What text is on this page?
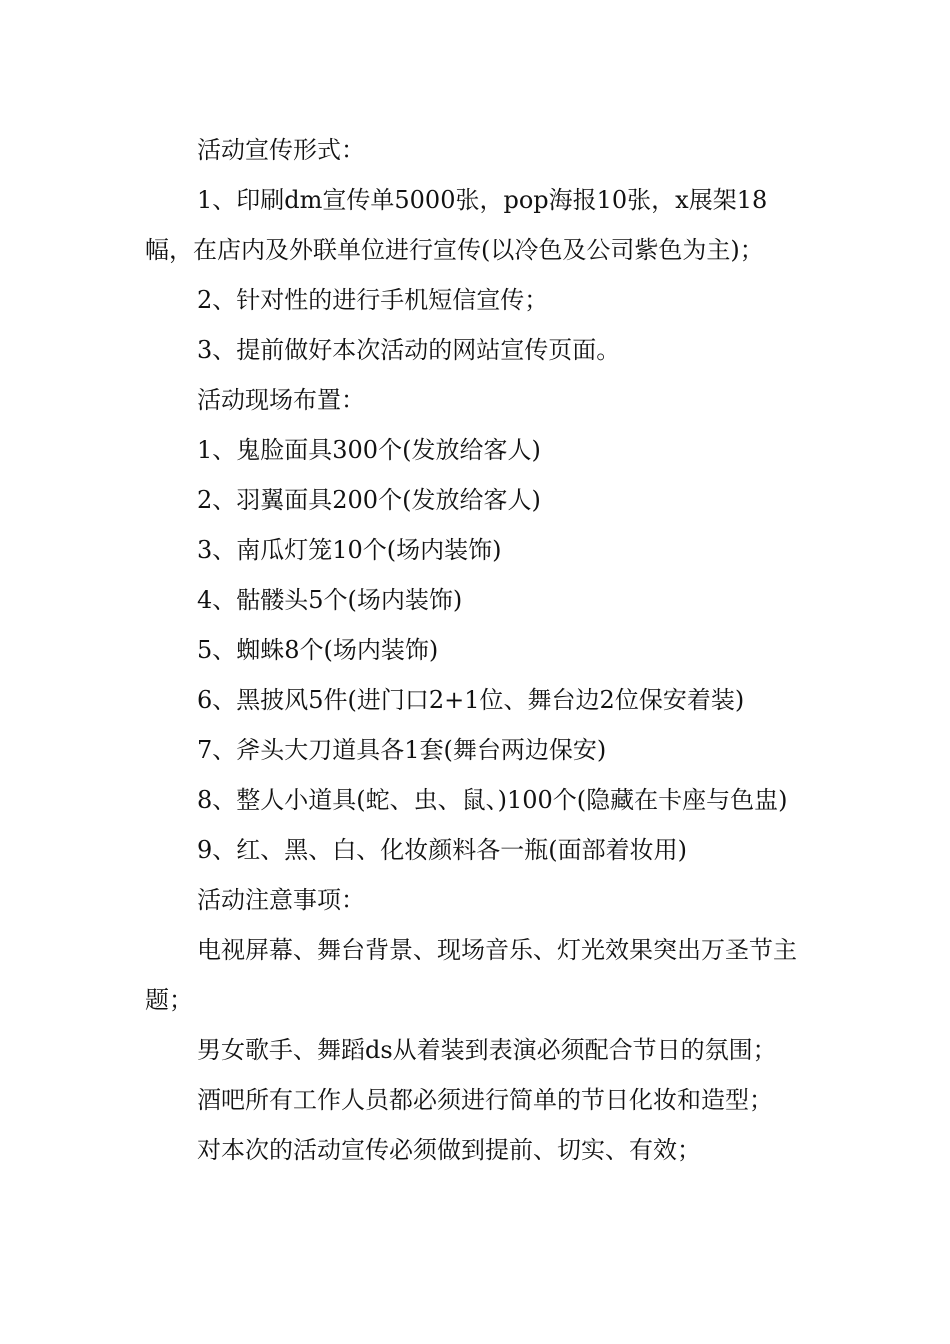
活动宣传形式：

1、印刷dm宣传单5000张，pop海报10张，x展架18幅，在店内及外联单位进行宣传(以冷色及公司紫色为主)；

2、针对性的进行手机短信宣传；

3、提前做好本次活动的网站宣传页面。

活动现场布置：

1、鬼脸面具300个(发放给客人)

2、羽翼面具200个(发放给客人)

3、南瓜灯笼10个(场内装饰)

4、骷髅头5个(场内装饰)

5、蜘蛛8个(场内装饰)

6、黑披风5件(进门口2+1位、舞台边2位保安着装)

7、斧头大刀道具各1套(舞台两边保安)

8、整人小道具(蛇、虫、鼠、)100个(隐藏在卡座与色盅)

9、红、黑、白、化妆颜料各一瓶(面部着妆用)

活动注意事项：

电视屏幕、舞台背景、现场音乐、灯光效果突出万圣节主题；

男女歌手、舞蹈ds从着装到表演必须配合节日的氛围；

酒吧所有工作人员都必须进行简单的节日化妆和造型；

对本次的活动宣传必须做到提前、切实、有效；
